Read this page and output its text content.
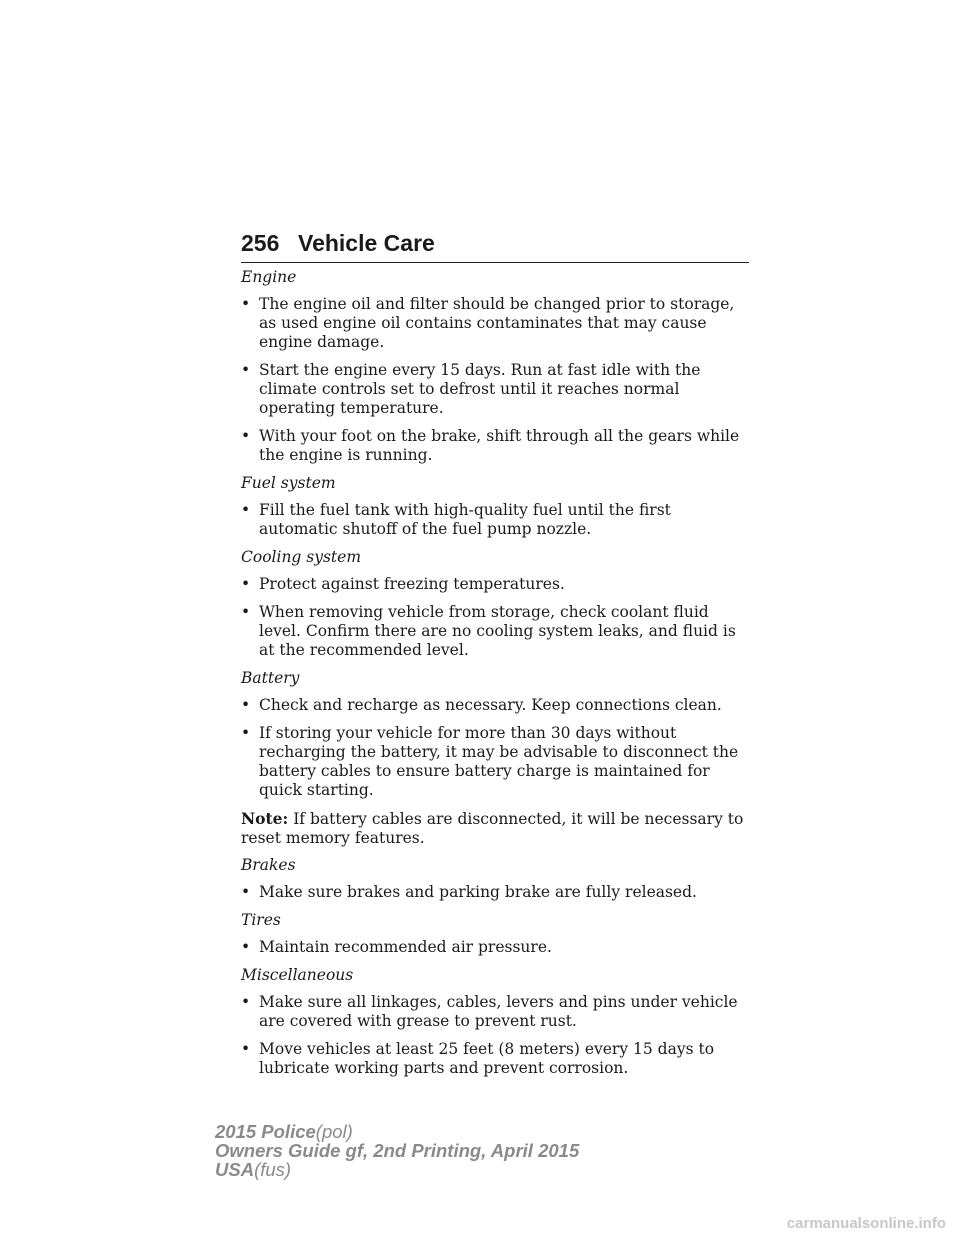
256 Vehicle Care

Engine

• The engine oil and filter should be changed prior to storage, as used engine oil contains contaminates that may cause engine damage.
• Start the engine every 15 days. Run at fast idle with the climate controls set to defrost until it reaches normal operating temperature.
• With your foot on the brake, shift through all the gears while the engine is running.

Fuel system

• Fill the fuel tank with high-quality fuel until the first automatic shutoff of the fuel pump nozzle.

Cooling system

• Protect against freezing temperatures.
• When removing vehicle from storage, check coolant fluid level. Confirm there are no cooling system leaks, and fluid is at the recommended level.

Battery

• Check and recharge as necessary. Keep connections clean.
• If storing your vehicle for more than 30 days without recharging the battery, it may be advisable to disconnect the battery cables to ensure battery charge is maintained for quick starting.

Note: If battery cables are disconnected, it will be necessary to reset memory features.

Brakes

• Make sure brakes and parking brake are fully released.

Tires

• Maintain recommended air pressure.

Miscellaneous

• Make sure all linkages, cables, levers and pins under vehicle are covered with grease to prevent rust.
• Move vehicles at least 25 feet (8 meters) every 15 days to lubricate working parts and prevent corrosion.
2015 Police(pol)
Owners Guide gf, 2nd Printing, April 2015
USA(fus)
carmanualsonline.info
